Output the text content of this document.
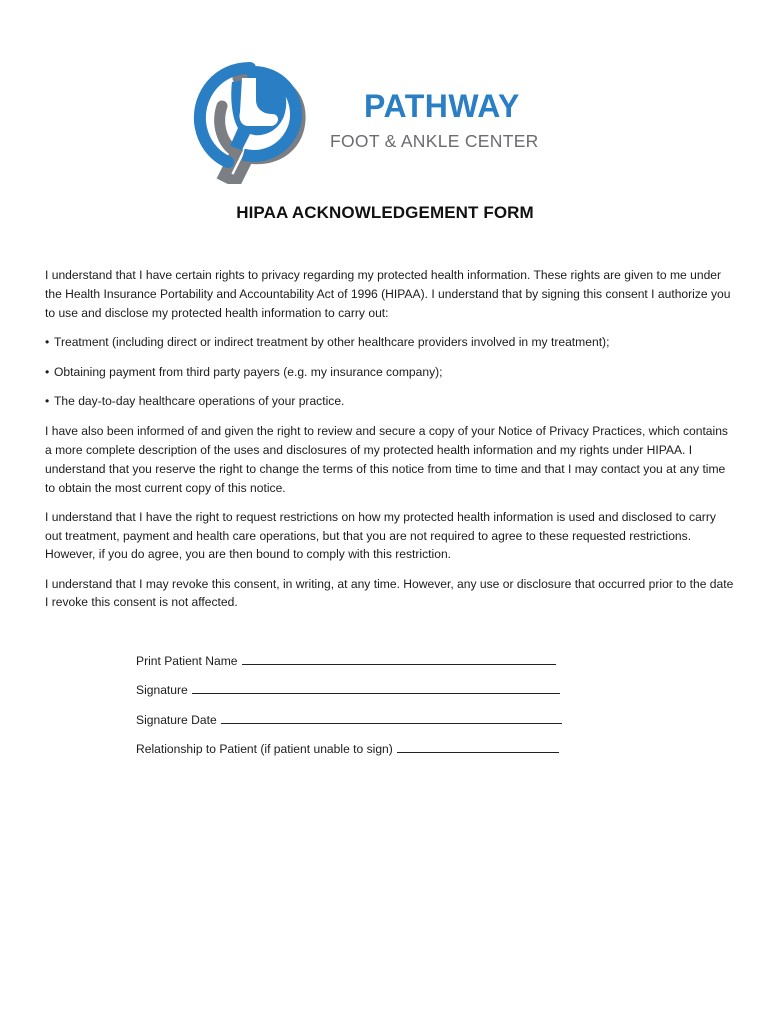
PATHWAY
FOOT & ANKLE CENTER
HIPAA ACKNOWLEDGEMENT FORM

I understand that I have certain rights to privacy regarding my protected health information. These rights are given to me under the Health Insurance Portability and Accountability Act of 1996 (HIPAA). I understand that by signing this consent I authorize you to use and disclose my protected health information to carry out:

• Treatment (including direct or indirect treatment by other healthcare providers involved in my treatment);

• Obtaining payment from third party payers (e.g. my insurance company);

• The day-to-day healthcare operations of your practice.

I have also been informed of and given the right to review and secure a copy of your Notice of Privacy Practices, which contains a more complete description of the uses and disclosures of my protected health information and my rights under HIPAA. I understand that you reserve the right to change the terms of this notice from time to time and that I may contact you at any time to obtain the most current copy of this notice.

I understand that I have the right to request restrictions on how my protected health information is used and disclosed to carry out treatment, payment and health care operations, but that you are not required to agree to these requested restrictions. However, if you do agree, you are then bound to comply with this restriction.

I understand that I may revoke this consent, in writing, at any time. However, any use or disclosure that occurred prior to the date I revoke this consent is not affected.

Print Patient Name
Signature
Signature Date
Relationship to Patient (if patient unable to sign)
